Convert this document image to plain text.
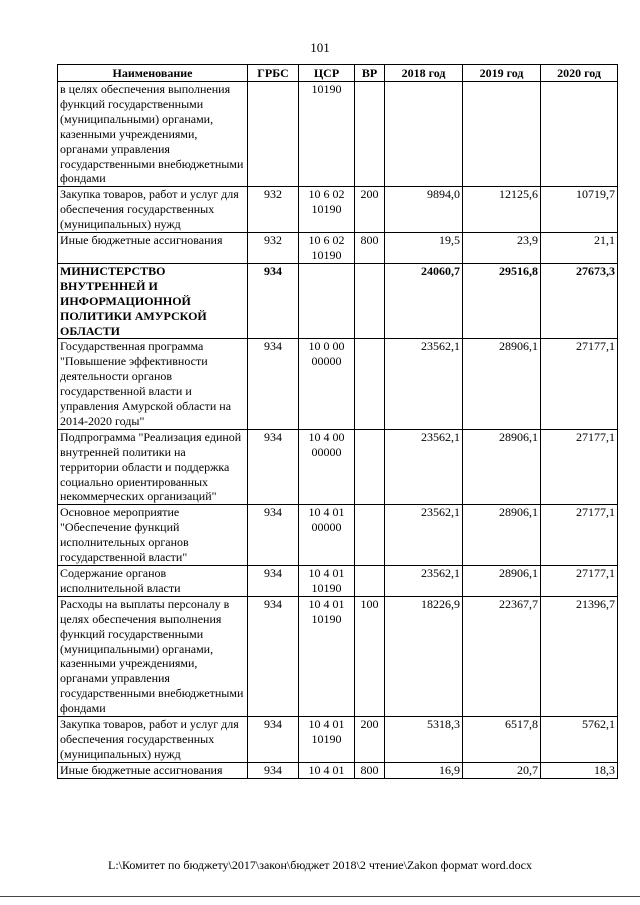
101
Наименование	ГРБС	ЦСР	ВР	2018 год	2019 год	2020 год
в целях обеспечения выполнения функций государственными (муниципальными) органами, казенными учреждениями, органами управления государственными внебюджетными фондами		10190				
Закупка товаров, работ и услуг для обеспечения государственных (муниципальных) нужд	932	10 6 02 10190	200	9894,0	12125,6	10719,7
Иные бюджетные ассигнования	932	10 6 02 10190	800	19,5	23,9	21,1
МИНИСТЕРСТВО ВНУТРЕННЕЙ И ИНФОРМАЦИОННОЙ ПОЛИТИКИ АМУРСКОЙ ОБЛАСТИ	934			24060,7	29516,8	27673,3
Государственная программа "Повышение эффективности деятельности органов государственной власти и управления Амурской области на 2014-2020 годы"	934	10 0 00 00000		23562,1	28906,1	27177,1
Подпрограмма "Реализация единой внутренней политики на территории области и поддержка социально ориентированных некоммерческих организаций"	934	10 4 00 00000		23562,1	28906,1	27177,1
Основное мероприятие "Обеспечение функций исполнительных органов государственной власти"	934	10 4 01 00000		23562,1	28906,1	27177,1
Содержание органов исполнительной власти	934	10 4 01 10190		23562,1	28906,1	27177,1
Расходы на выплаты персоналу в целях обеспечения выполнения функций государственными (муниципальными) органами, казенными учреждениями, органами управления государственными внебюджетными фондами	934	10 4 01 10190	100	18226,9	22367,7	21396,7
Закупка товаров, работ и услуг для обеспечения государственных (муниципальных) нужд	934	10 4 01 10190	200	5318,3	6517,8	5762,1
Иные бюджетные ассигнования	934	10 4 01	800	16,9	20,7	18,3
L:\Комитет по бюджету\2017\закон\бюджет 2018\2 чтение\Zakon формат word.docx
